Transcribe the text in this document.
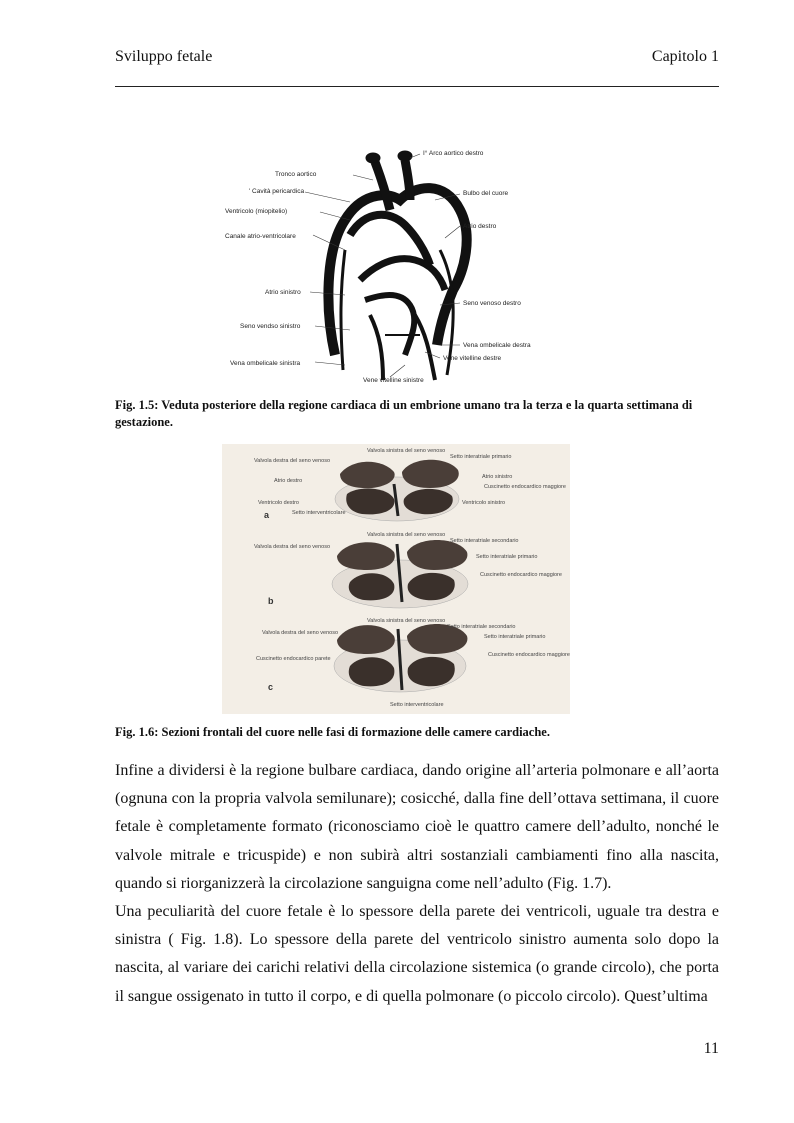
Sviluppo fetale	Capitolo 1
I° Arco aortico destro
Tronco aortico
' Cavità pericardica	Bulbo del cuore
Ventricolo (miopitelio)
Atrio destro
Canale atrio-ventricolare
Atrio sinistro
Seno venoso destro
Seno vendso sinistro
Vena ombelicale destra
Vene vitelline destre
Vena ombelicale sinistra
Vene vitelline sinistre
Fig. 1.5: Veduta posteriore della regione cardiaca di un embrione umano tra la terza e la quarta settimana di gestazione.
a
Valvola sinistra del seno venoso
Setto interatriale primario
Valvola destra del seno venoso
Atrio sinistro
Atrio destro
Cuscinetto endocardico maggiore
Ventricolo destro	Ventricolo sinistro
Setto interventricolare
b
Valvola sinistra del seno venoso
Setto interatriale secondario
Valvola destra del seno venoso
Setto interatriale primario
Cuscinetto endocardico maggiore
c
Valvola sinistra del seno venoso
Setto interatriale secondario
Valvola destra del seno venoso
Setto interatriale primario
Cuscinetto endocardico maggiore
Cuscinetto endocardico parete
Setto interventricolare
Fig. 1.6: Sezioni frontali del cuore nelle fasi di formazione delle camere cardiache.

Infine a dividersi è la regione bulbare cardiaca, dando origine all’arteria polmonare e all’aorta (ognuna con la propria valvola semilunare); cosicché, dalla fine dell’ottava settimana, il cuore fetale è completamente formato (riconosciamo cioè le quattro camere dell’adulto, nonché le valvole mitrale e tricuspide) e non subirà altri sostanziali cambiamenti fino alla nascita, quando si riorganizzerà la circolazione sanguigna come nell’adulto (Fig. 1.7).

Una peculiarità del cuore fetale è lo spessore della parete dei ventricoli, uguale tra destra e sinistra ( Fig. 1.8). Lo spessore della parete del ventricolo sinistro aumenta solo dopo la nascita, al variare dei carichi relativi della circolazione sistemica (o grande circolo), che porta il sangue ossigenato in tutto il corpo, e di quella polmonare (o piccolo circolo). Quest’ultima

11
